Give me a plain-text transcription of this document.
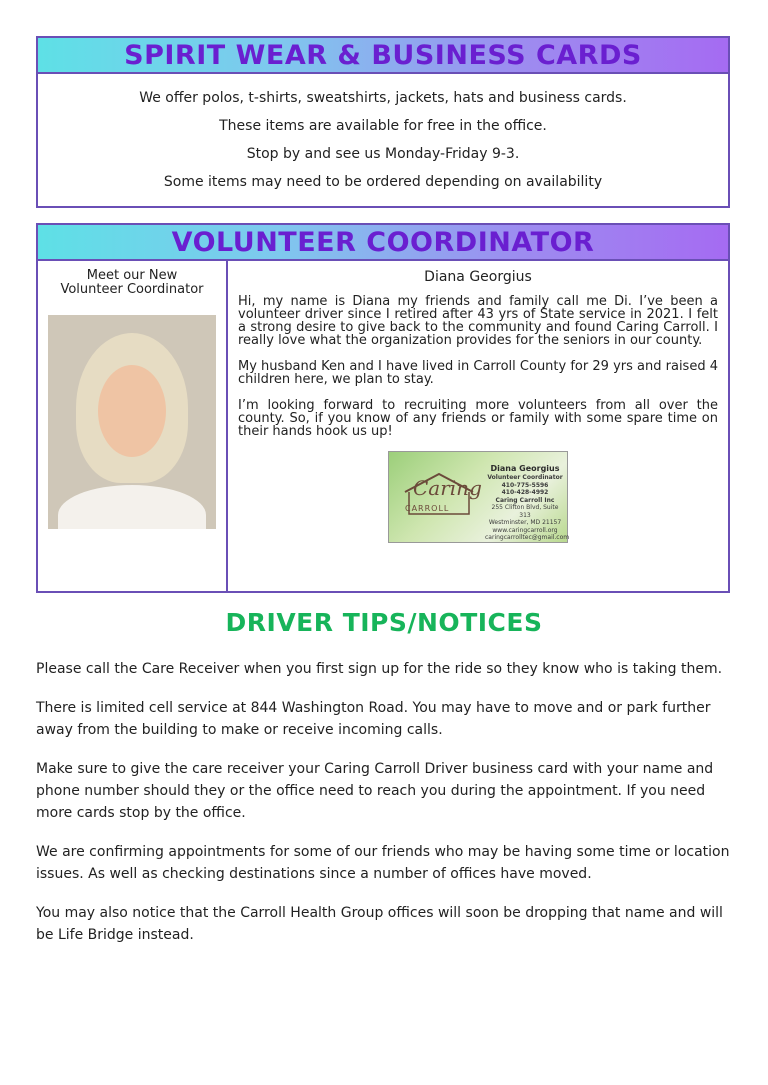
SPIRIT WEAR & BUSINESS CARDS
We offer polos, t-shirts, sweatshirts, jackets, hats and business cards.
These items are available for free in the office.
Stop by and see us Monday-Friday 9-3.
Some items may need to be ordered depending on availability
VOLUNTEER COORDINATOR
Meet our New
Volunteer Coordinator
Diana Georgius

Hi, my name is Diana my friends and family call me Di. I’ve been a volunteer driver since I retired after 43 yrs of State service in 2021. I felt a strong desire to give back to the community and found Caring Carroll. I really love what the organization provides for the seniors in our county.

My husband Ken and I have lived in Carroll County for 29 yrs and raised 4 children here, we plan to stay.

I’m looking forward to recruiting more volunteers from all over the county. So, if you know of any friends or family with some spare time on their hands hook us up!

Caring
CARROLL
Diana Georgius
Volunteer Coordinator
410-775-5596
410-428-4992
Caring Carroll Inc
255 Clifton Blvd, Suite 313
Westminster, MD 21157
www.caringcarroll.org
caringcarrolltec@gmail.com
DRIVER TIPS/NOTICES

Please call the Care Receiver when you first sign up for the ride so they know who is taking them.

There is limited cell service at 844 Washington Road. You may have to move and or park further away from the building to make or receive incoming calls.

Make sure to give the care receiver your Caring Carroll Driver business card with your name and phone number should they or the office need to reach you during the appointment. If you need more cards stop by the office.

We are confirming appointments for some of our friends who may be having some time or location issues. As well as checking destinations since a number of offices have moved.

You may also notice that the Carroll Health Group offices will soon be dropping that name and will be Life Bridge instead.
